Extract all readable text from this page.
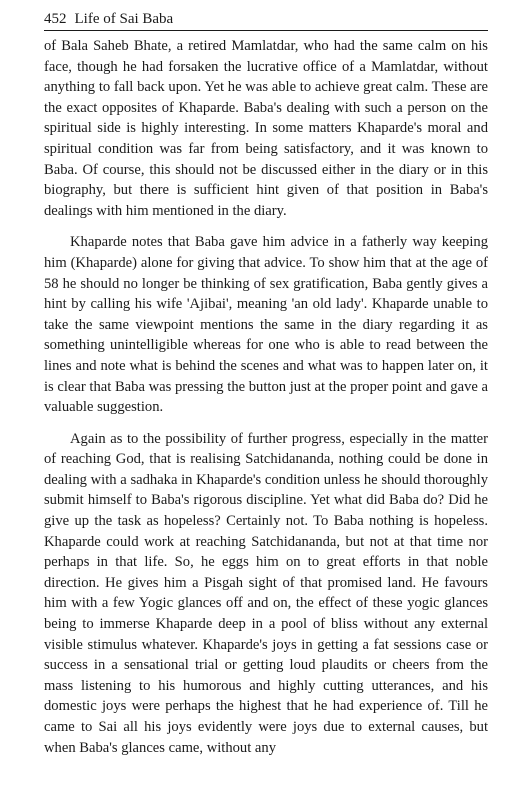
452 Life of Sai Baba

of Bala Saheb Bhate, a retired Mamlatdar, who had the same calm on his face, though he had forsaken the lucrative office of a Mamlatdar, without anything to fall back upon. Yet he was able to achieve great calm. These are the exact opposites of Khaparde. Baba's dealing with such a person on the spiritual side is highly interesting. In some matters Khaparde's moral and spiritual condition was far from being satisfactory, and it was known to Baba. Of course, this should not be discussed either in the diary or in this biography, but there is sufficient hint given of that position in Baba's dealings with him mentioned in the diary.

Khaparde notes that Baba gave him advice in a fatherly way keeping him (Khaparde) alone for giving that advice. To show him that at the age of 58 he should no longer be thinking of sex gratification, Baba gently gives a hint by calling his wife 'Ajibai', meaning 'an old lady'. Khaparde unable to take the same viewpoint mentions the same in the diary regarding it as something unintelligible whereas for one who is able to read between the lines and note what is behind the scenes and what was to happen later on, it is clear that Baba was pressing the button just at the proper point and gave a valuable suggestion.

Again as to the possibility of further progress, especially in the matter of reaching God, that is realising Satchidananda, nothing could be done in dealing with a sadhaka in Khaparde's condition unless he should thoroughly submit himself to Baba's rigorous discipline. Yet what did Baba do? Did he give up the task as hopeless? Certainly not. To Baba nothing is hopeless. Khaparde could work at reaching Satchidananda, but not at that time nor perhaps in that life. So, he eggs him on to great efforts in that noble direction. He gives him a Pisgah sight of that promised land. He favours him with a few Yogic glances off and on, the effect of these yogic glances being to immerse Khaparde deep in a pool of bliss without any external visible stimulus whatever. Khaparde's joys in getting a fat sessions case or success in a sensational trial or getting loud plaudits or cheers from the mass listening to his humorous and highly cutting utterances, and his domestic joys were perhaps the highest that he had experience of. Till he came to Sai all his joys evidently were joys due to external causes, but when Baba's glances came, without any
